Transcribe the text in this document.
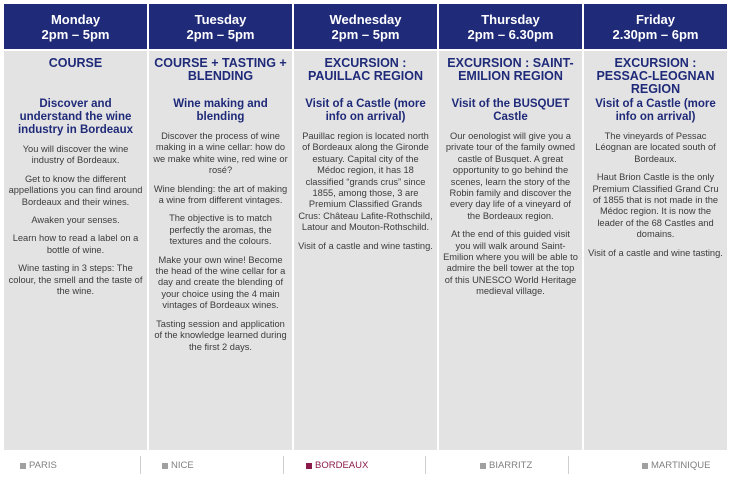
Monday
2pm – 5pm
COURSE
Discover and understand the wine industry in Bordeaux
You will discover the wine industry of Bordeaux.
Get to know the different appellations you can find around Bordeaux and their wines.
Awaken your senses.
Learn how to read a label on a bottle of wine.
Wine tasting in 3 steps: The colour, the smell and the taste of the wine.
Tuesday
2pm – 5pm
COURSE + TASTING + BLENDING
Wine making and blending
Discover the process of wine making in a wine cellar: how do we make white wine, red wine or rosé?
Wine blending: the art of making a wine from different vintages.
The objective is to match perfectly the aromas, the textures and the colours.
Make your own wine! Become the head of the wine cellar for a day and create the blending of your choice using the 4 main vintages of Bordeaux wines.
Tasting session and application of the knowledge learned during the first 2 days.
Wednesday
2pm – 5pm
EXCURSION : PAUILLAC REGION
Visit of a Castle (more info on arrival)
Pauillac region is located north of Bordeaux along the Gironde estuary. Capital city of the Médoc region, it has 18 classified “grands crus” since 1855, among those, 3 are Premium Classified Grands Crus: Château Lafite-Rothschild, Latour and Mouton-Rothschild.
Visit of a castle and wine tasting.
Thursday
2pm – 6.30pm
EXCURSION : SAINT-EMILION REGION
Visit of the BUSQUET Castle
Our oenologist will give you a private tour of the family owned castle of Busquet. A great opportunity to go behind the scenes, learn the story of the Robin family and discover the every day life of a vineyard of the Bordeaux region.
At the end of this guided visit you will walk around Saint-Emilion where you will be able to admire the bell tower at the top of this UNESCO World Heritage medieval village.
Friday
2.30pm – 6pm
EXCURSION : PESSAC-LEOGNAN REGION
Visit of a Castle (more info on arrival)
The vineyards of Pessac Léognan are located south of Bordeaux.
Haut Brion Castle is the only Premium Classified Grand Cru of 1855 that is not made in the Médoc region. It is now the leader of the 68 Castles and domains.
Visit of a castle and wine tasting.
PARIS	NICE	BORDEAUX	BIARRITZ	MARTINIQUE
